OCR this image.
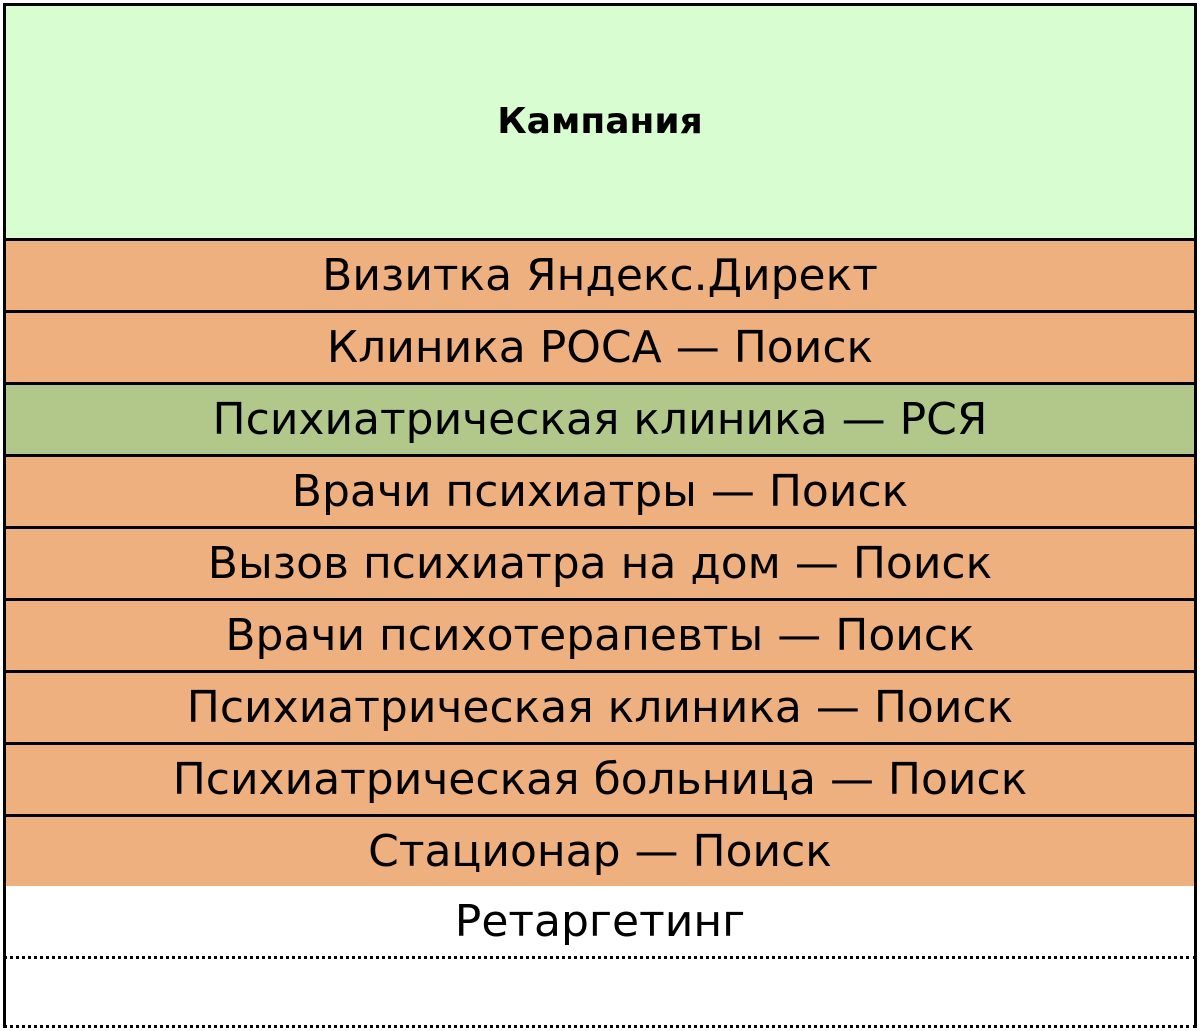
Кампания
Визитка Яндекс.Директ
Клиника РОСА — Поиск
Психиатрическая клиника — РСЯ
Врачи психиатры — Поиск
Вызов психиатра на дом — Поиск
Врачи психотерапевты — Поиск
Психиатрическая клиника — Поиск
Психиатрическая больница — Поиск
Стационар — Поиск
Ретаргетинг
